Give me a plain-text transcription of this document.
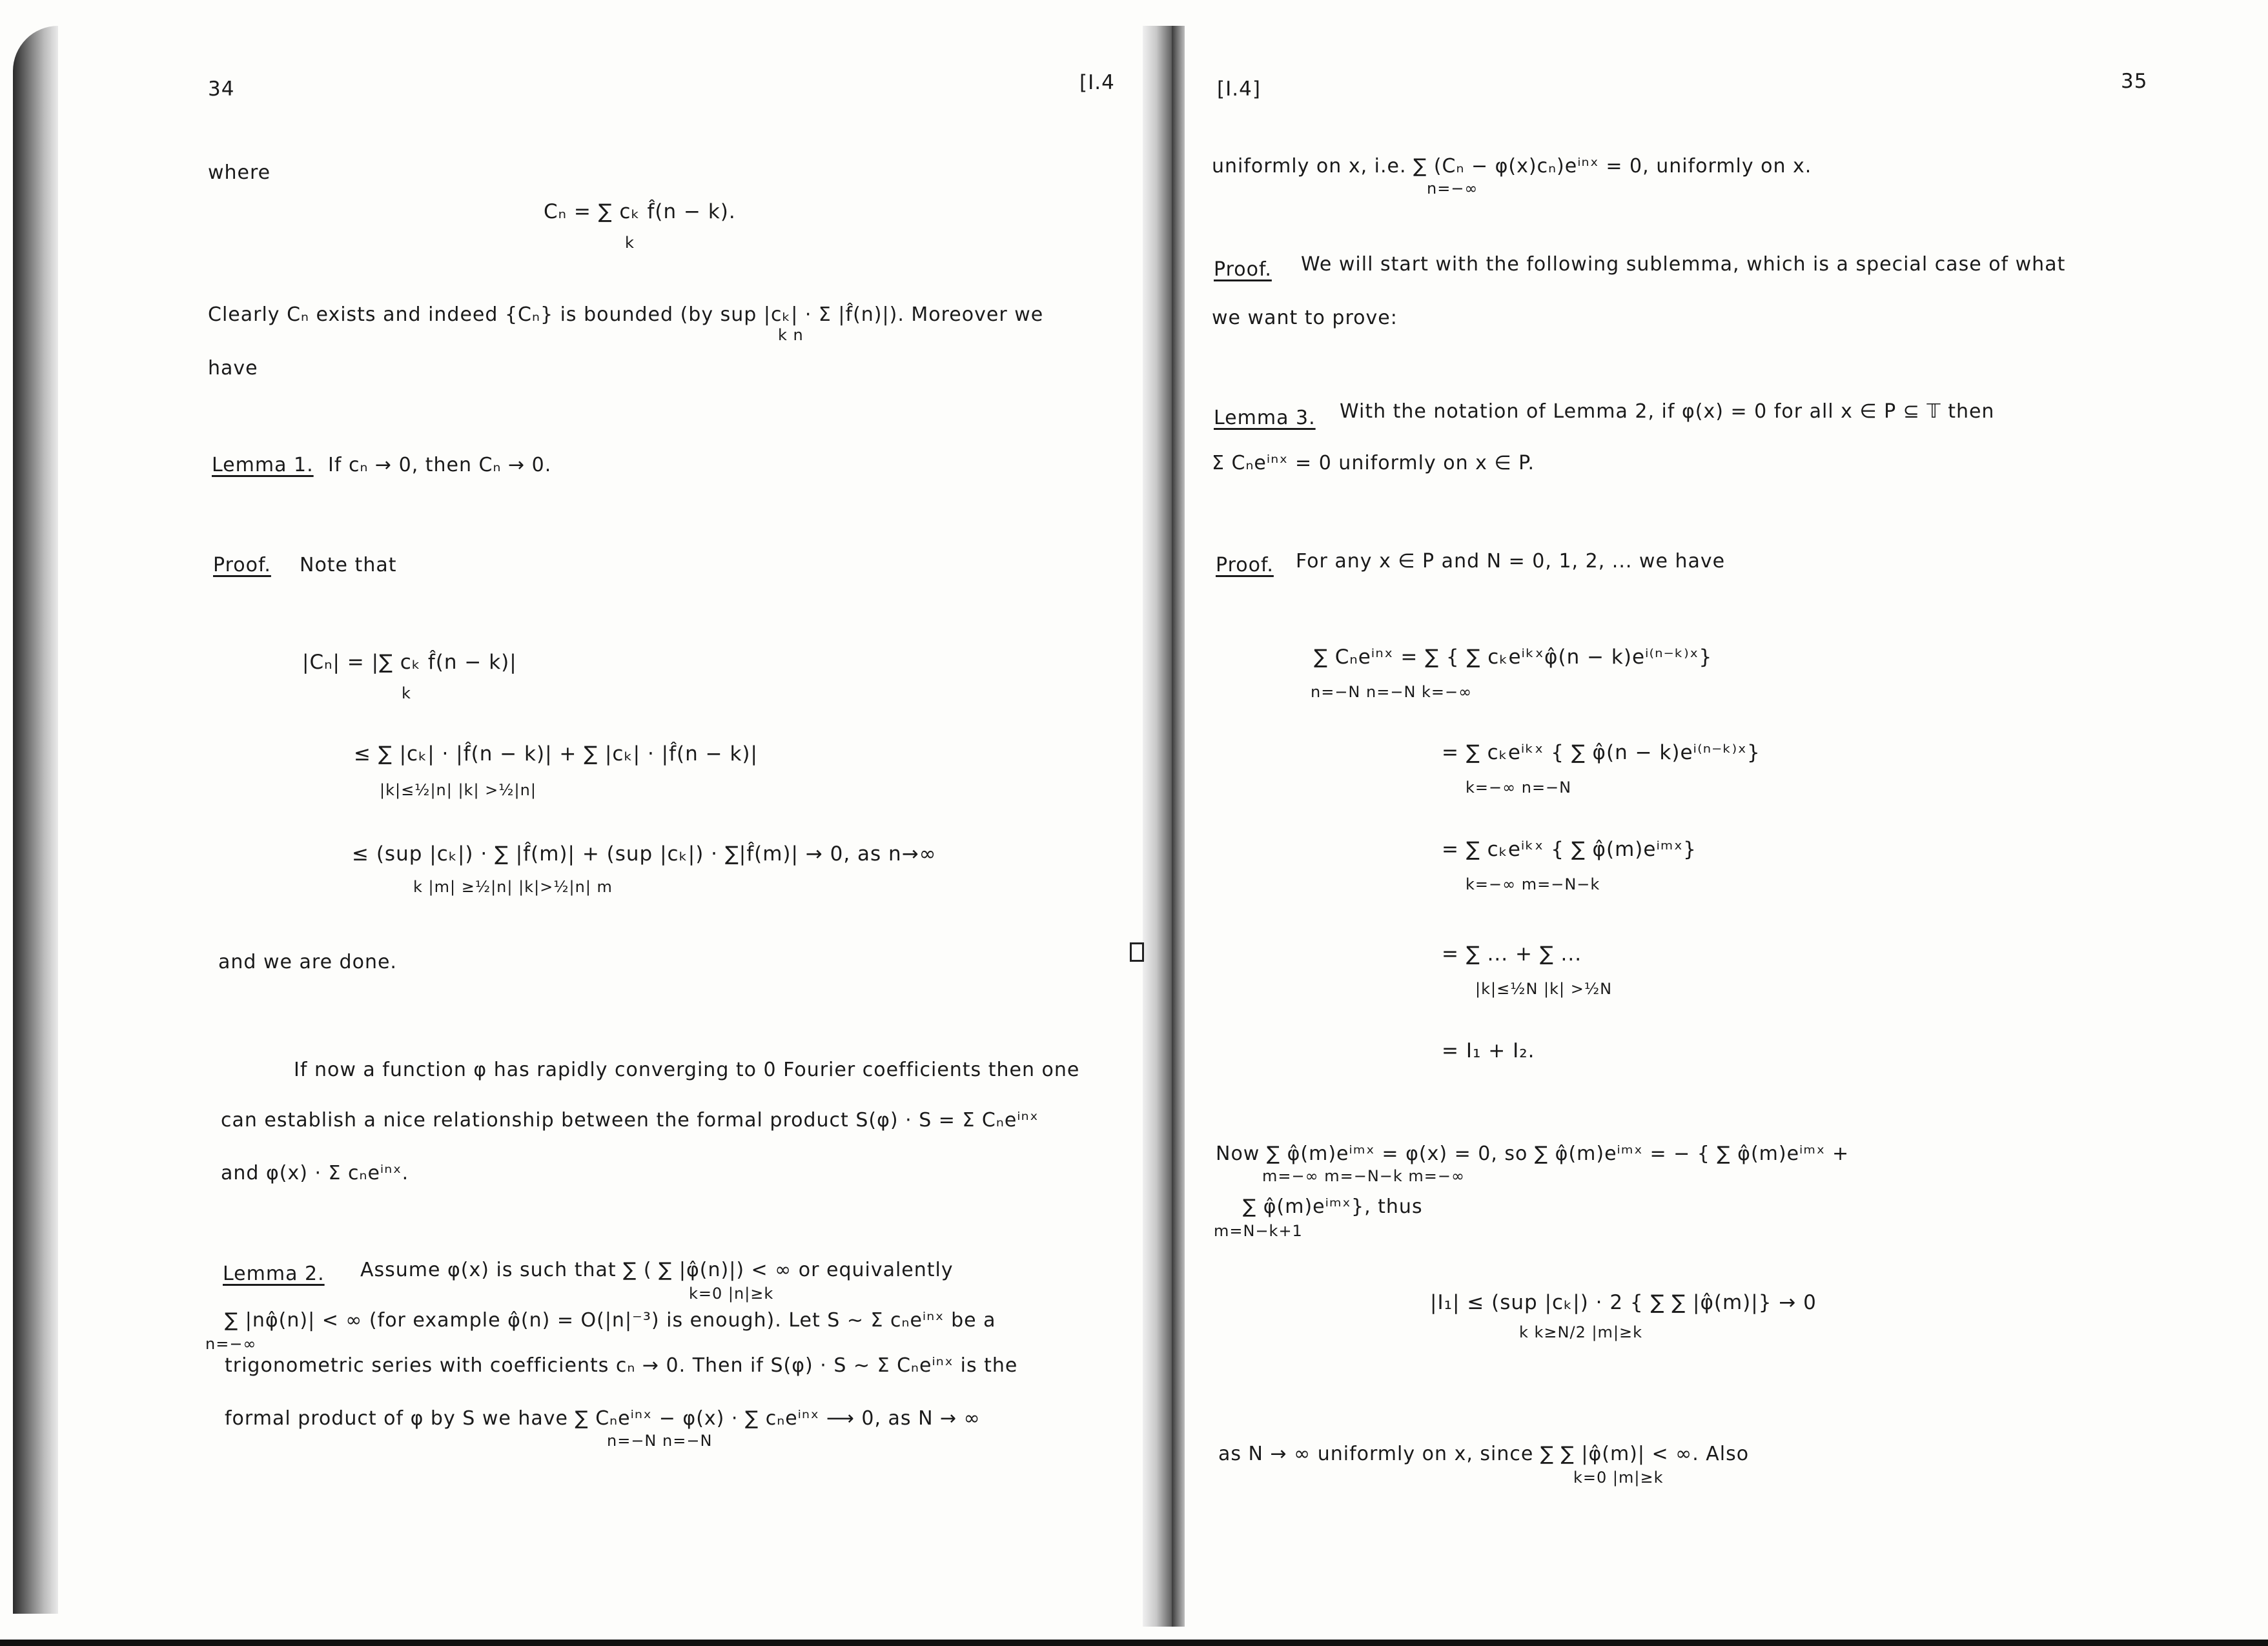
34	[I.4
where
Cₙ = ∑ cₖ f̂(n − k).
k
Clearly Cₙ exists and indeed {Cₙ} is bounded (by sup |cₖ| · Σ |f̂(n)|). Moreover we
k n
have
Lemma 1. If cₙ → 0, then Cₙ → 0.
Proof. Note that
|Cₙ| = |∑ cₖ f̂(n − k)|
k
≤ ∑ |cₖ| · |f̂(n − k)| + ∑ |cₖ| · |f̂(n − k)|
|k|≤½|n| |k| >½|n|
≤ (sup |cₖ|) · ∑ |f̂(m)| + (sup |cₖ|) · ∑|f̂(m)| → 0, as n→∞
k |m| ≥½|n| |k|>½|n| m
and we are done.
If now a function φ has rapidly converging to 0 Fourier coefficients then one
can establish a nice relationship between the formal product S(φ) · S = Σ Cₙeⁱⁿˣ
and φ(x) · Σ cₙeⁱⁿˣ.
Lemma 2. Assume φ(x) is such that ∑ ( ∑ |φ̂(n)|) < ∞ or equivalently
k=0 |n|≥k
∑ |nφ̂(n)| < ∞ (for example φ̂(n) = O(|n|⁻³) is enough). Let S ∼ Σ cₙeⁱⁿˣ be a
n=−∞
trigonometric series with coefficients cₙ → 0. Then if S(φ) · S ∼ Σ Cₙeⁱⁿˣ is the
formal product of φ by S we have ∑ Cₙeⁱⁿˣ − φ(x) · ∑ cₙeⁱⁿˣ ⟶ 0, as N → ∞
n=−N n=−N
[I.4]	35
uniformly on x, i.e. ∑ (Cₙ − φ(x)cₙ)eⁱⁿˣ = 0, uniformly on x.
n=−∞
Proof. We will start with the following sublemma, which is a special case of what
we want to prove:
Lemma 3. With the notation of Lemma 2, if φ(x) = 0 for all x ∈ P ⊆ 𝕋 then
Σ Cₙeⁱⁿˣ = 0 uniformly on x ∈ P.
Proof. For any x ∈ P and N = 0, 1, 2, ... we have
∑ Cₙeⁱⁿˣ = ∑ { ∑ cₖeⁱᵏˣφ̂(n − k)eⁱ⁽ⁿ⁻ᵏ⁾ˣ}
n=−N n=−N k=−∞
= ∑ cₖeⁱᵏˣ { ∑ φ̂(n − k)eⁱ⁽ⁿ⁻ᵏ⁾ˣ}
k=−∞ n=−N
= ∑ cₖeⁱᵏˣ { ∑ φ̂(m)eⁱᵐˣ}
k=−∞ m=−N−k
= ∑ ... + ∑ ...
|k|≤½N |k| >½N
= I₁ + I₂.
Now ∑ φ̂(m)eⁱᵐˣ = φ(x) = 0, so ∑ φ̂(m)eⁱᵐˣ = − { ∑ φ̂(m)eⁱᵐˣ +
m=−∞ m=−N−k m=−∞
∑ φ̂(m)eⁱᵐˣ}, thus
m=N−k+1
|I₁| ≤ (sup |cₖ|) · 2 { ∑ ∑ |φ̂(m)|} → 0
k k≥N/2 |m|≥k
as N → ∞ uniformly on x, since ∑ ∑ |φ̂(m)| < ∞. Also
k=0 |m|≥k
